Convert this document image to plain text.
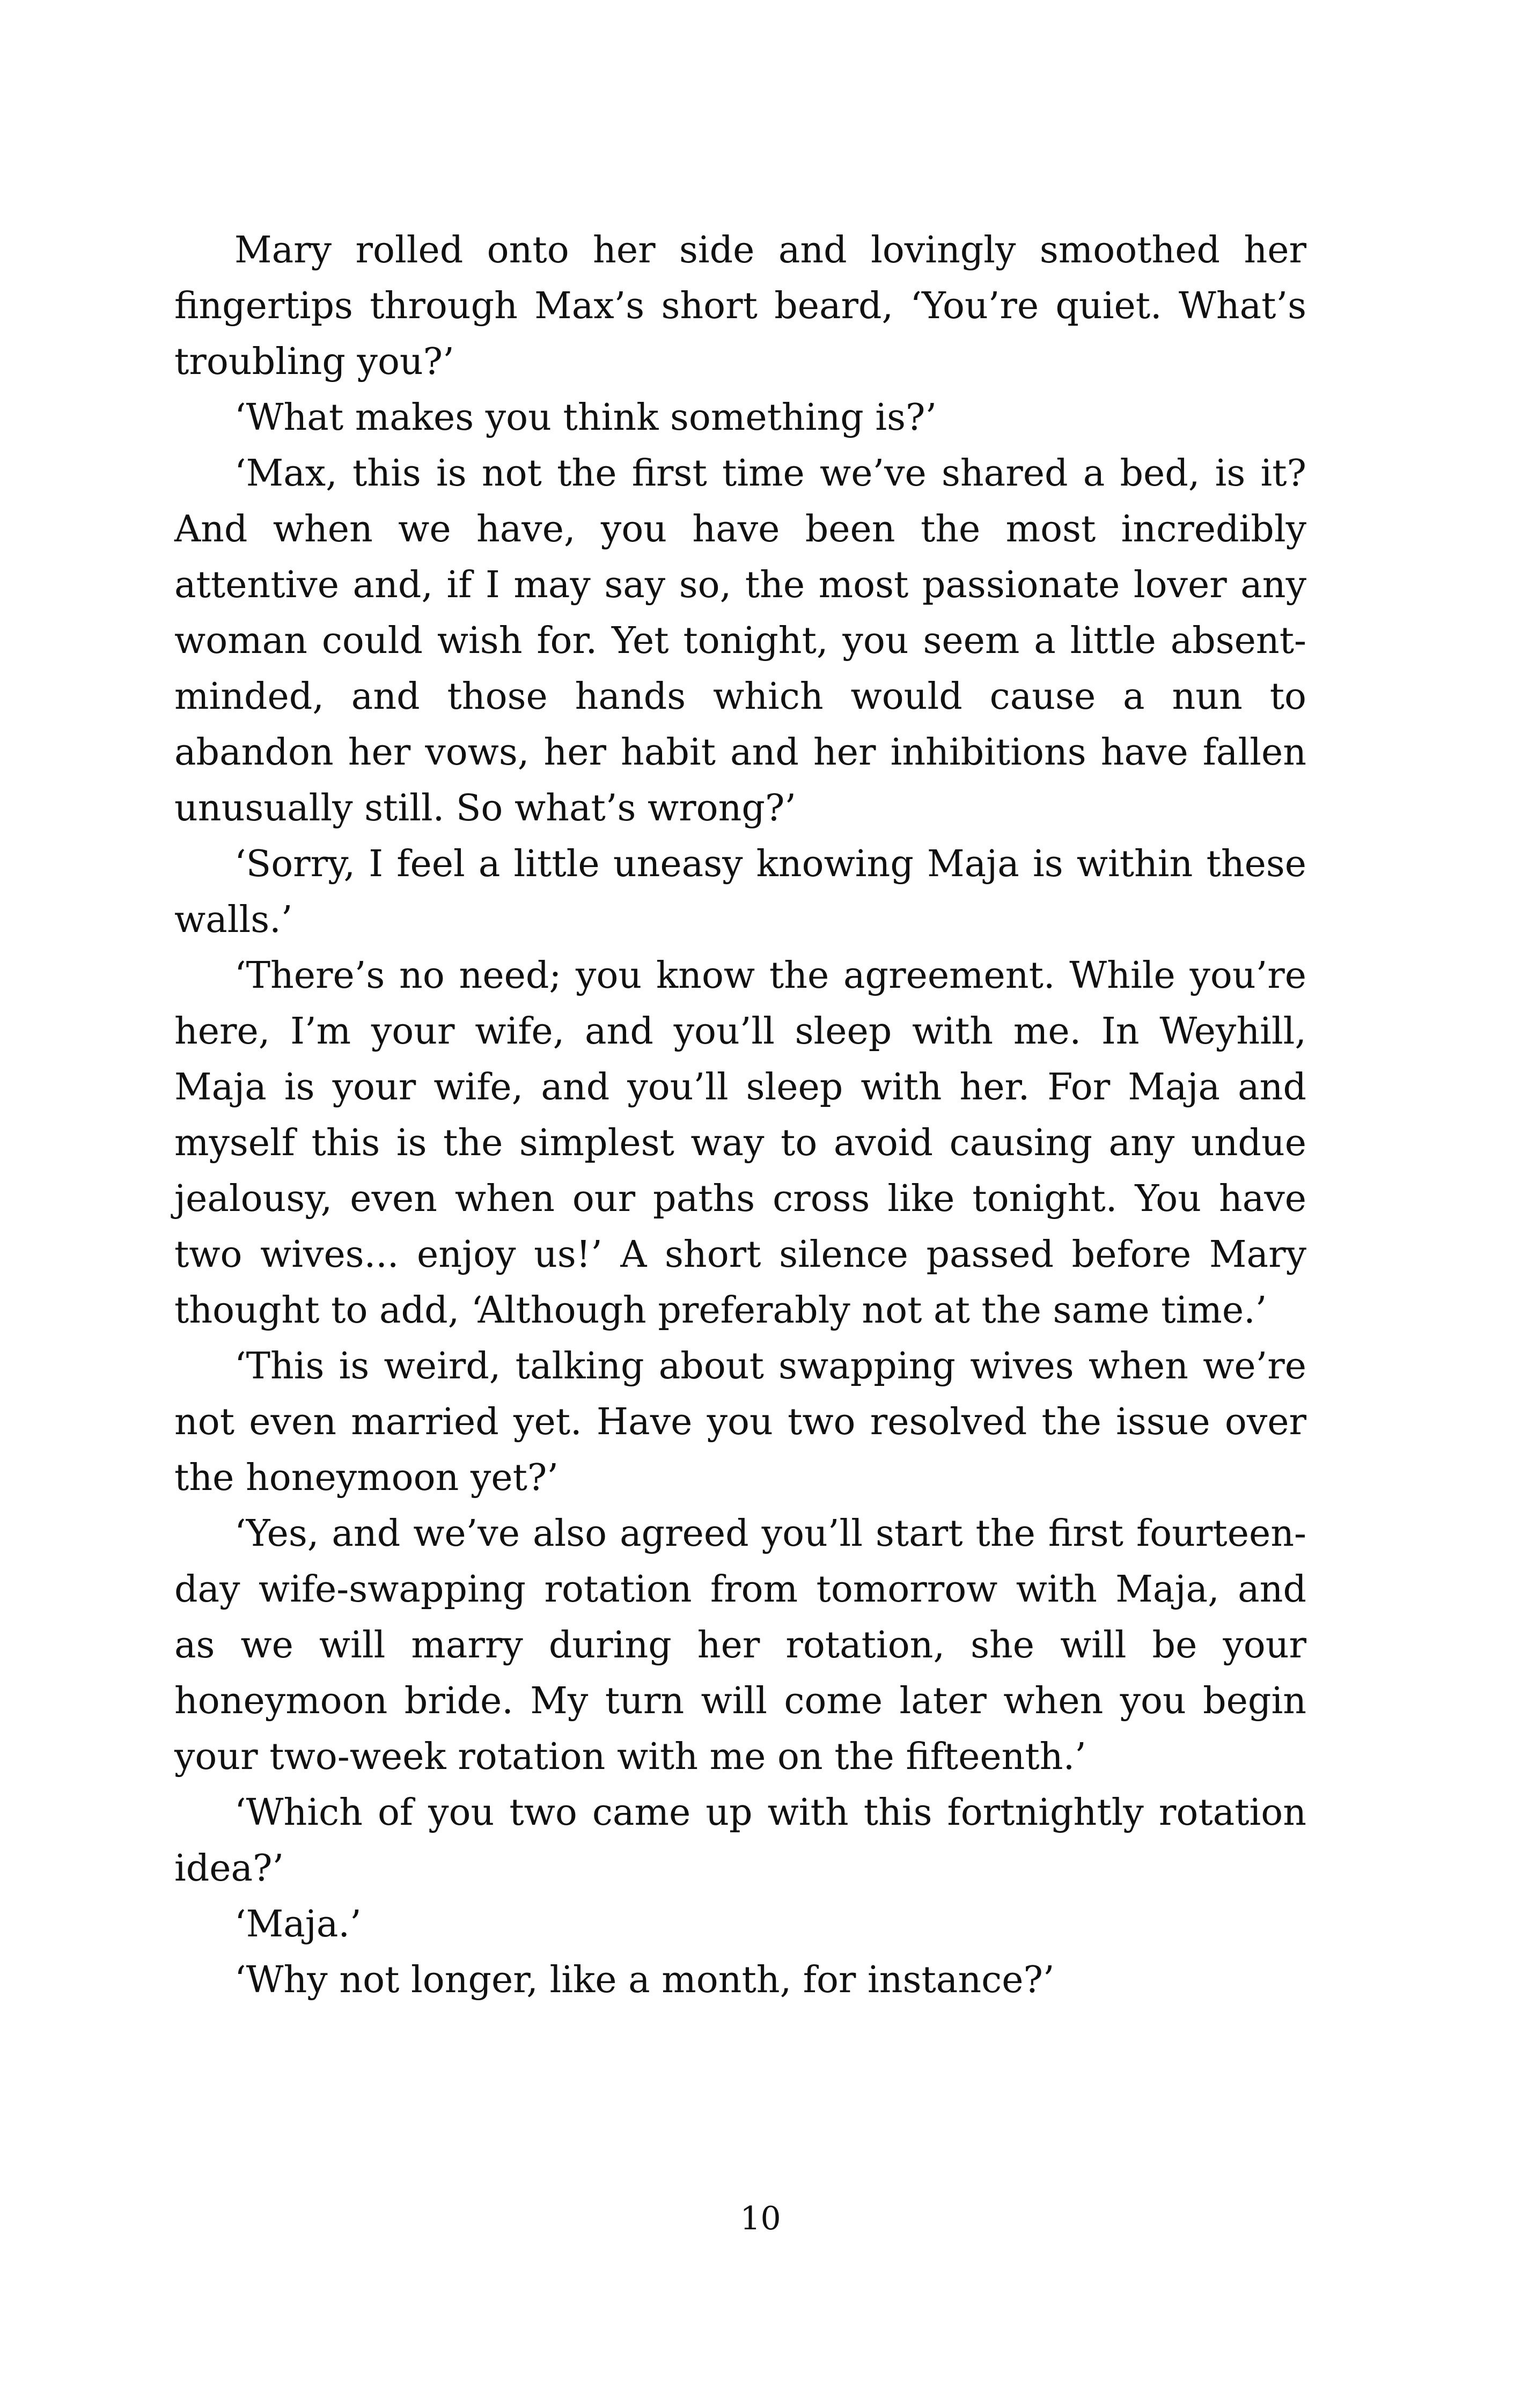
Mary rolled onto her side and lovingly smoothed her fingertips through Max’s short beard, ‘You’re quiet. What’s troubling you?’

‘What makes you think something is?’

‘Max, this is not the first time we’ve shared a bed, is it? And when we have, you have been the most incredibly attentive and, if I may say so, the most passionate lover any woman could wish for. Yet tonight, you seem a little absent-minded, and those hands which would cause a nun to abandon her vows, her habit and her inhibitions have fallen unusually still. So what’s wrong?’

‘Sorry, I feel a little uneasy knowing Maja is within these walls.’

‘There’s no need; you know the agreement. While you’re here, I’m your wife, and you’ll sleep with me. In Weyhill, Maja is your wife, and you’ll sleep with her. For Maja and myself this is the simplest way to avoid causing any undue jealousy, even when our paths cross like tonight. You have two wives... enjoy us!’ A short silence passed before Mary thought to add, ‘Although preferably not at the same time.’

‘This is weird, talking about swapping wives when we’re not even married yet. Have you two resolved the issue over the honeymoon yet?’

‘Yes, and we’ve also agreed you’ll start the first fourteen-day wife-swapping rotation from tomorrow with Maja, and as we will marry during her rotation, she will be your honeymoon bride. My turn will come later when you begin your two-week rotation with me on the fifteenth.’

‘Which of you two came up with this fortnightly rotation idea?’

‘Maja.’

‘Why not longer, like a month, for instance?’

10
